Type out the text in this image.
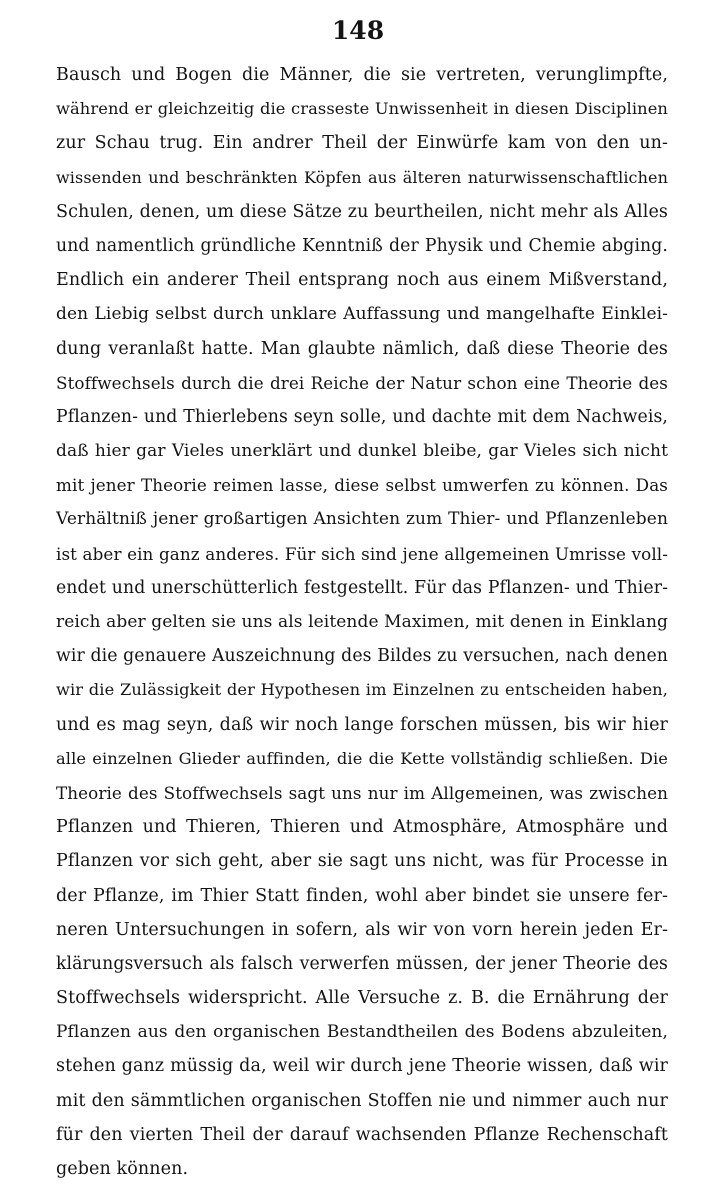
148
Bausch und Bogen die Männer, die sie vertreten, verunglimpfte,
während er gleichzeitig die crasseste Unwissenheit in diesen Disciplinen
zur Schau trug. Ein andrer Theil der Einwürfe kam von den un-
wissenden und beschränkten Köpfen aus älteren naturwissenschaftlichen
Schulen, denen, um diese Sätze zu beurtheilen, nicht mehr als Alles
und namentlich gründliche Kenntniß der Physik und Chemie abging.
Endlich ein anderer Theil entsprang noch aus einem Mißverstand,
den Liebig selbst durch unklare Auffassung und mangelhafte Einklei-
dung veranlaßt hatte. Man glaubte nämlich, daß diese Theorie des
Stoffwechsels durch die drei Reiche der Natur schon eine Theorie des
Pflanzen- und Thierlebens seyn solle, und dachte mit dem Nachweis,
daß hier gar Vieles unerklärt und dunkel bleibe, gar Vieles sich nicht
mit jener Theorie reimen lasse, diese selbst umwerfen zu können. Das
Verhältniß jener großartigen Ansichten zum Thier- und Pflanzenleben
ist aber ein ganz anderes. Für sich sind jene allgemeinen Umrisse voll-
endet und unerschütterlich festgestellt. Für das Pflanzen- und Thier-
reich aber gelten sie uns als leitende Maximen, mit denen in Einklang
wir die genauere Auszeichnung des Bildes zu versuchen, nach denen
wir die Zulässigkeit der Hypothesen im Einzelnen zu entscheiden haben,
und es mag seyn, daß wir noch lange forschen müssen, bis wir hier
alle einzelnen Glieder auffinden, die die Kette vollständig schließen. Die
Theorie des Stoffwechsels sagt uns nur im Allgemeinen, was zwischen
Pflanzen und Thieren, Thieren und Atmosphäre, Atmosphäre und
Pflanzen vor sich geht, aber sie sagt uns nicht, was für Processe in
der Pflanze, im Thier Statt finden, wohl aber bindet sie unsere fer-
neren Untersuchungen in sofern, als wir von vorn herein jeden Er-
klärungsversuch als falsch verwerfen müssen, der jener Theorie des
Stoffwechsels widerspricht. Alle Versuche z. B. die Ernährung der
Pflanzen aus den organischen Bestandtheilen des Bodens abzuleiten,
stehen ganz müssig da, weil wir durch jene Theorie wissen, daß wir
mit den sämmtlichen organischen Stoffen nie und nimmer auch nur
für den vierten Theil der darauf wachsenden Pflanze Rechenschaft
geben können.
